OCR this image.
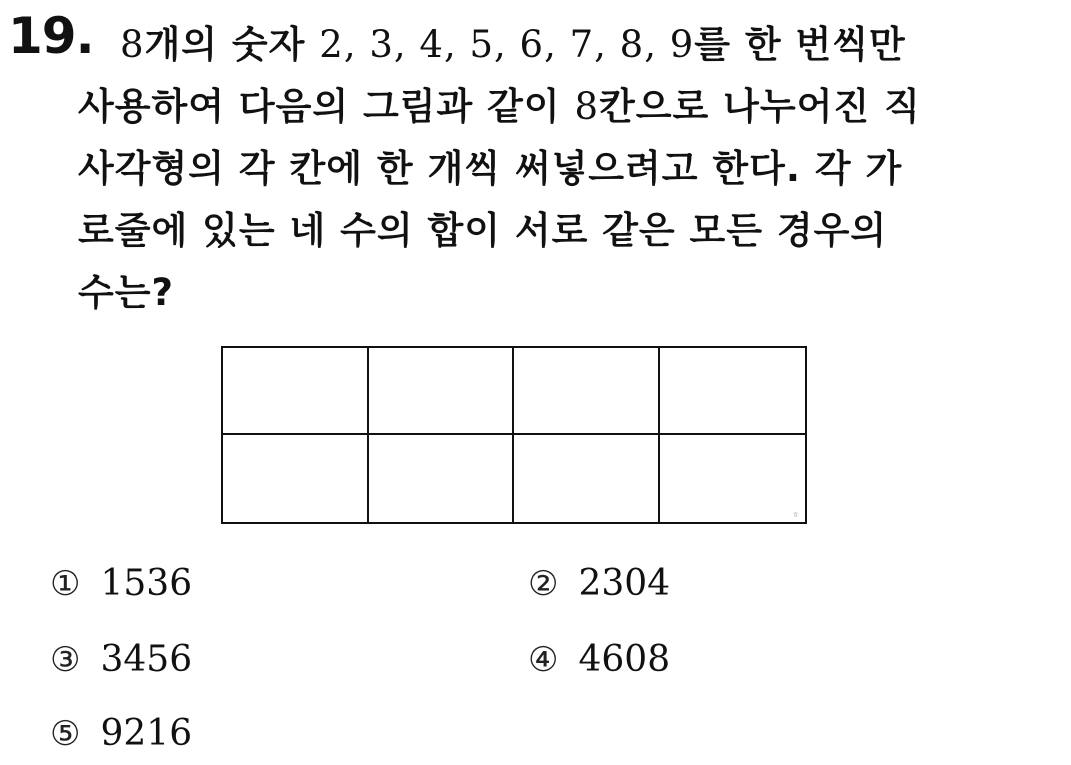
19. 8개의 숫자 2, 3, 4, 5, 6, 7, 8, 9를 한 번씩만
사용하여 다음의 그림과 같이 8칸으로 나누어진 직
사각형의 각 칸에 한 개씩 써넣으려고 한다. 각 가
로줄에 있는 네 수의 합이 서로 같은 모든 경우의
수는?
ㅎ
① 1536	② 2304
③ 3456	④ 4608
⑤ 9216
